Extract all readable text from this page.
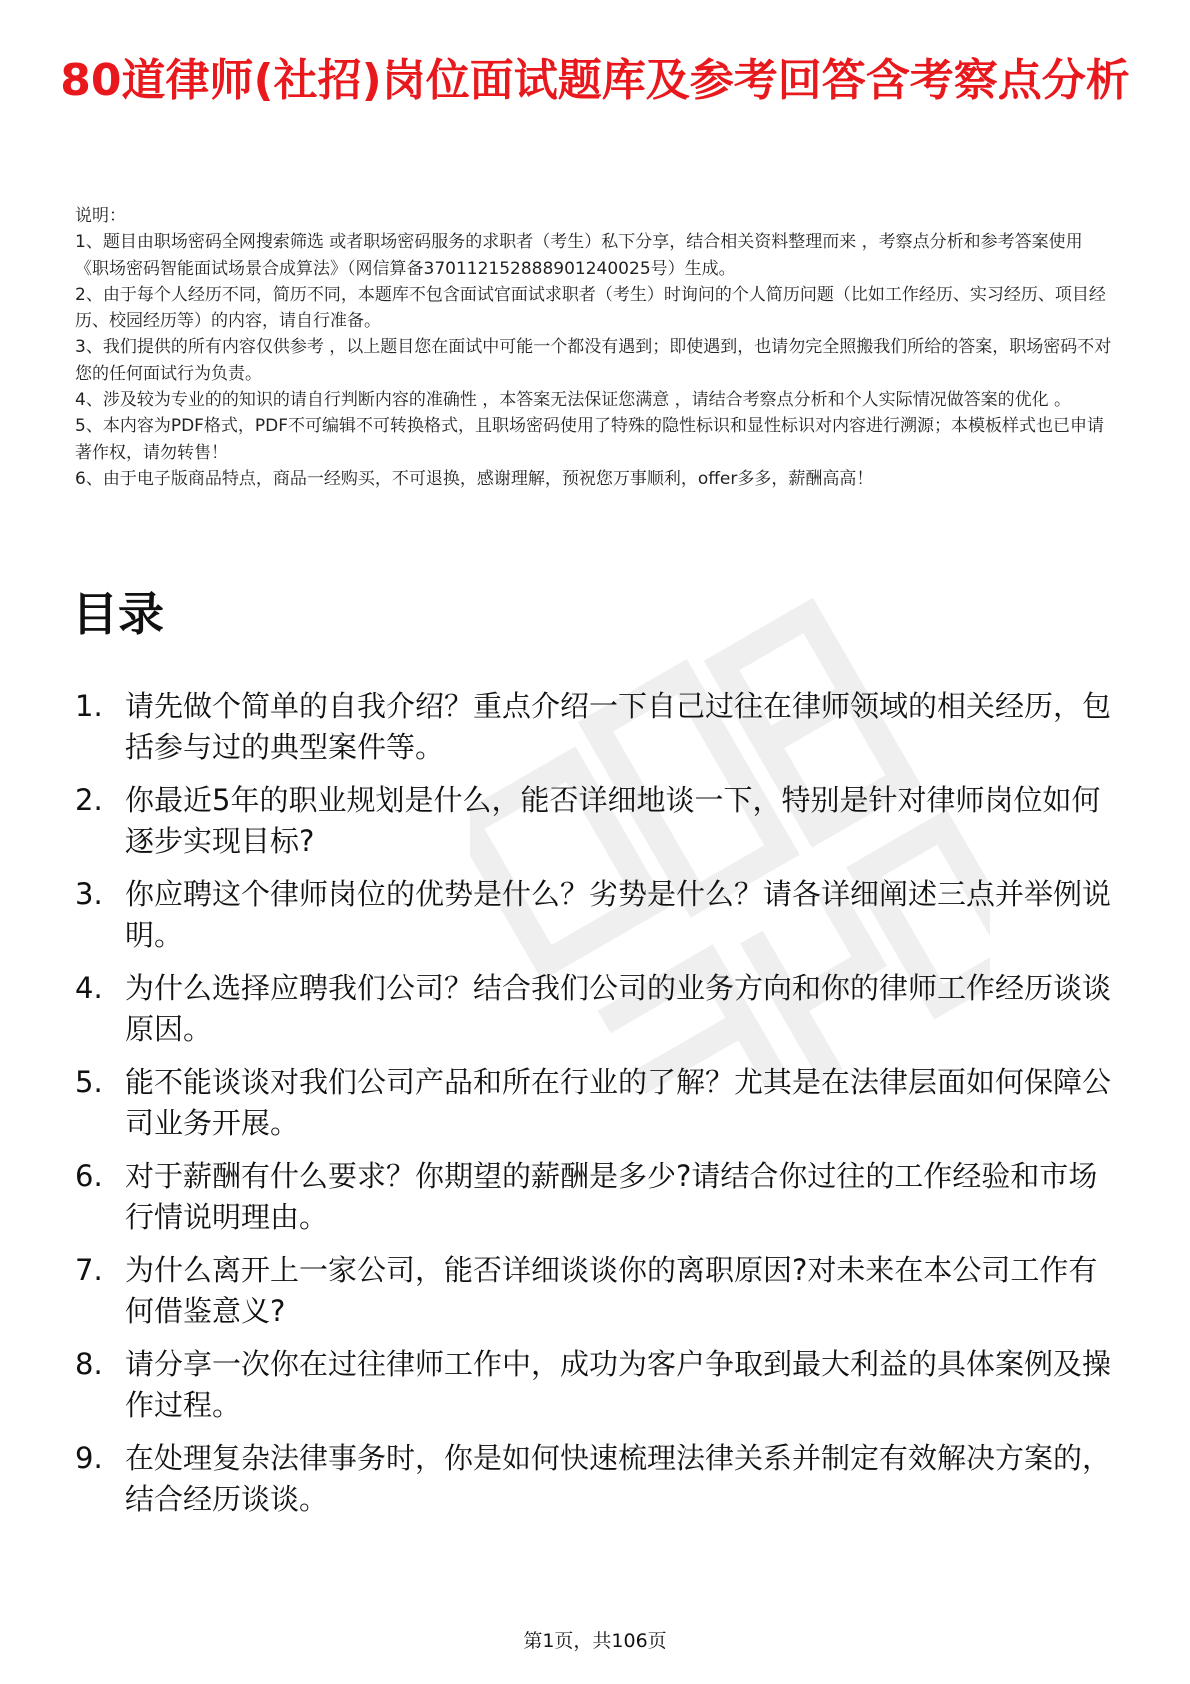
80道律师(社招)岗位面试题库及参考回答含考察点分析

说明：

1、题目由职场密码全网搜索筛选 或者职场密码服务的求职者（考生）私下分享，结合相关资料整理而来 ，考察点分析和参考答案使用《职场密码智能面试场景合成算法》（网信算备370112152888901240025号）生成。

2、由于每个人经历不同，简历不同，本题库不包含面试官面试求职者（考生）时询问的个人简历问题（比如工作经历、实习经历、项目经历、校园经历等）的内容，请自行准备。

3、我们提供的所有内容仅供参考 ，以上题目您在面试中可能一个都没有遇到；即使遇到，也请勿完全照搬我们所给的答案，职场密码不对您的任何面试行为负责。

4、涉及较为专业的的知识的请自行判断内容的准确性 ，本答案无法保证您满意 ，请结合考察点分析和个人实际情况做答案的优化 。

5、本内容为PDF格式，PDF不可编辑不可转换格式，且职场密码使用了特殊的隐性标识和显性标识对内容进行溯源；本模板样式也已申请著作权，请勿转售！

6、由于电子版商品特点，商品一经购买，不可退换，感谢理解，预祝您万事顺利，offer多多，薪酬高高！

目录
1. 请先做个简单的自我介绍？重点介绍一下自己过往在律师领域的相关经历，包括参与过的典型案件等。
2. 你最近5年的职业规划是什么，能否详细地谈一下，特别是针对律师岗位如何逐步实现目标?
3. 你应聘这个律师岗位的优势是什么？劣势是什么？请各详细阐述三点并举例说明。
4. 为什么选择应聘我们公司？结合我们公司的业务方向和你的律师工作经历谈谈原因。
5. 能不能谈谈对我们公司产品和所在行业的了解？尤其是在法律层面如何保障公司业务开展。
6. 对于薪酬有什么要求？你期望的薪酬是多少?请结合你过往的工作经验和市场行情说明理由。
7. 为什么离开上一家公司，能否详细谈谈你的离职原因?对未来在本公司工作有何借鉴意义?
8. 请分享一次你在过往律师工作中，成功为客户争取到最大利益的具体案例及操作过程。
9. 在处理复杂法律事务时，你是如何快速梳理法律关系并制定有效解决方案的，结合经历谈谈。
第1页，共106页
